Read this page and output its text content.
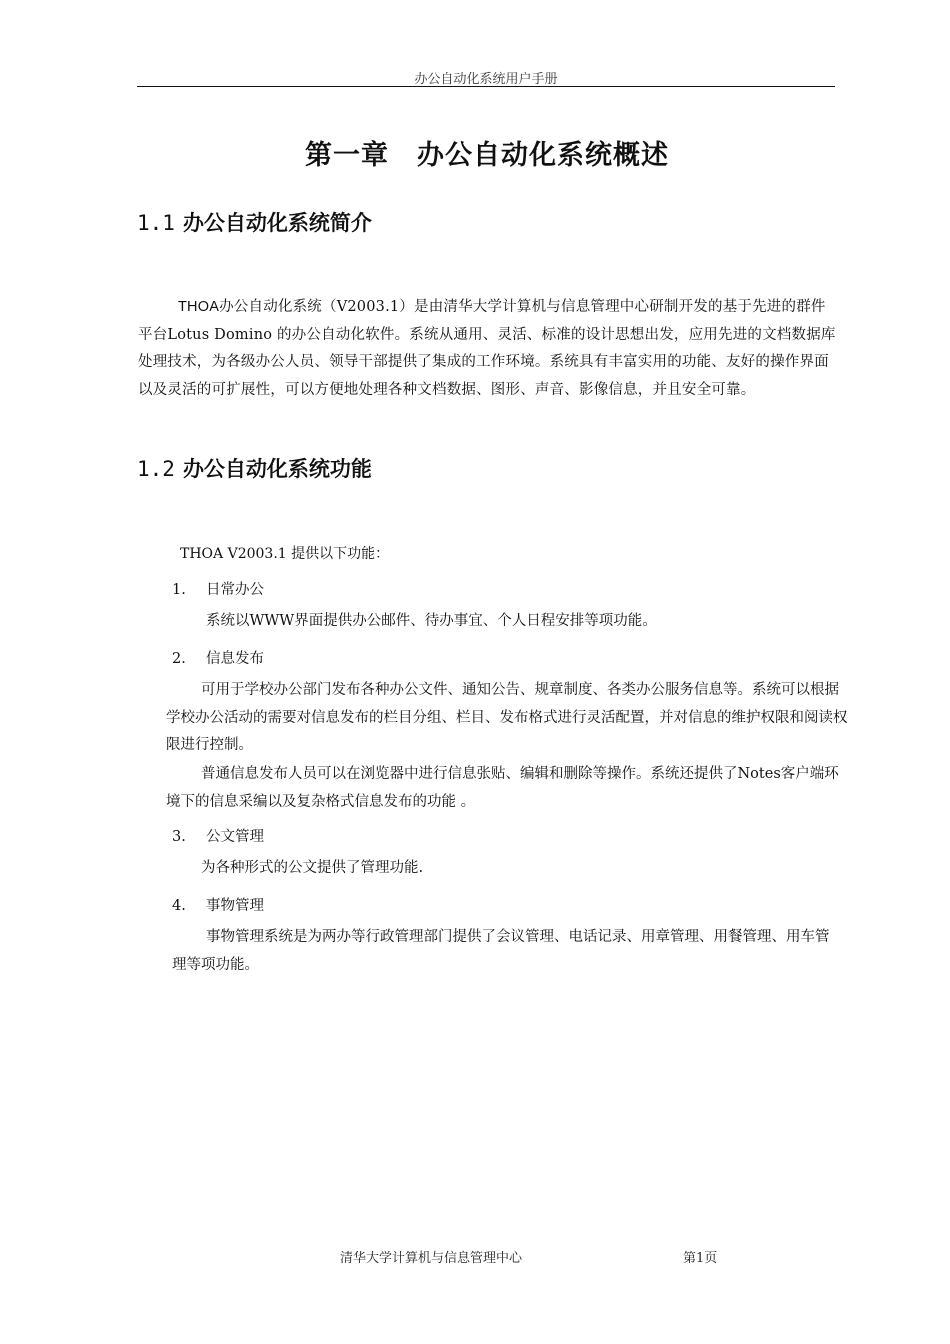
办公自动化系统用户手册
第一章 办公自动化系统概述
1.1 办公自动化系统简介

THOA办公自动化系统（V2003.1）是由清华大学计算机与信息管理中心研制开发的基于先进的群件平台Lotus Domino 的办公自动化软件。系统从通用、灵活、标准的设计思想出发，应用先进的文档数据库处理技术，为各级办公人员、领导干部提供了集成的工作环境。系统具有丰富实用的功能、友好的操作界面以及灵活的可扩展性，可以方便地处理各种文档数据、图形、声音、影像信息，并且安全可靠。

1.2 办公自动化系统功能

THOA V2003.1 提供以下功能：

1. 日常办公

系统以WWW界面提供办公邮件、待办事宜、个人日程安排等项功能。

2. 信息发布

可用于学校办公部门发布各种办公文件、通知公告、规章制度、各类办公服务信息等。系统可以根据学校办公活动的需要对信息发布的栏目分组、栏目、发布格式进行灵活配置，并对信息的维护权限和阅读权限进行控制。

普通信息发布人员可以在浏览器中进行信息张贴、编辑和删除等操作。系统还提供了Notes客户端环境下的信息采编以及复杂格式信息发布的功能 。

3. 公文管理

为各种形式的公文提供了管理功能.

4. 事物管理

事物管理系统是为两办等行政管理部门提供了会议管理、电话记录、用章管理、用餐管理、用车管理等项功能。

清华大学计算机与信息管理中心	第1页
